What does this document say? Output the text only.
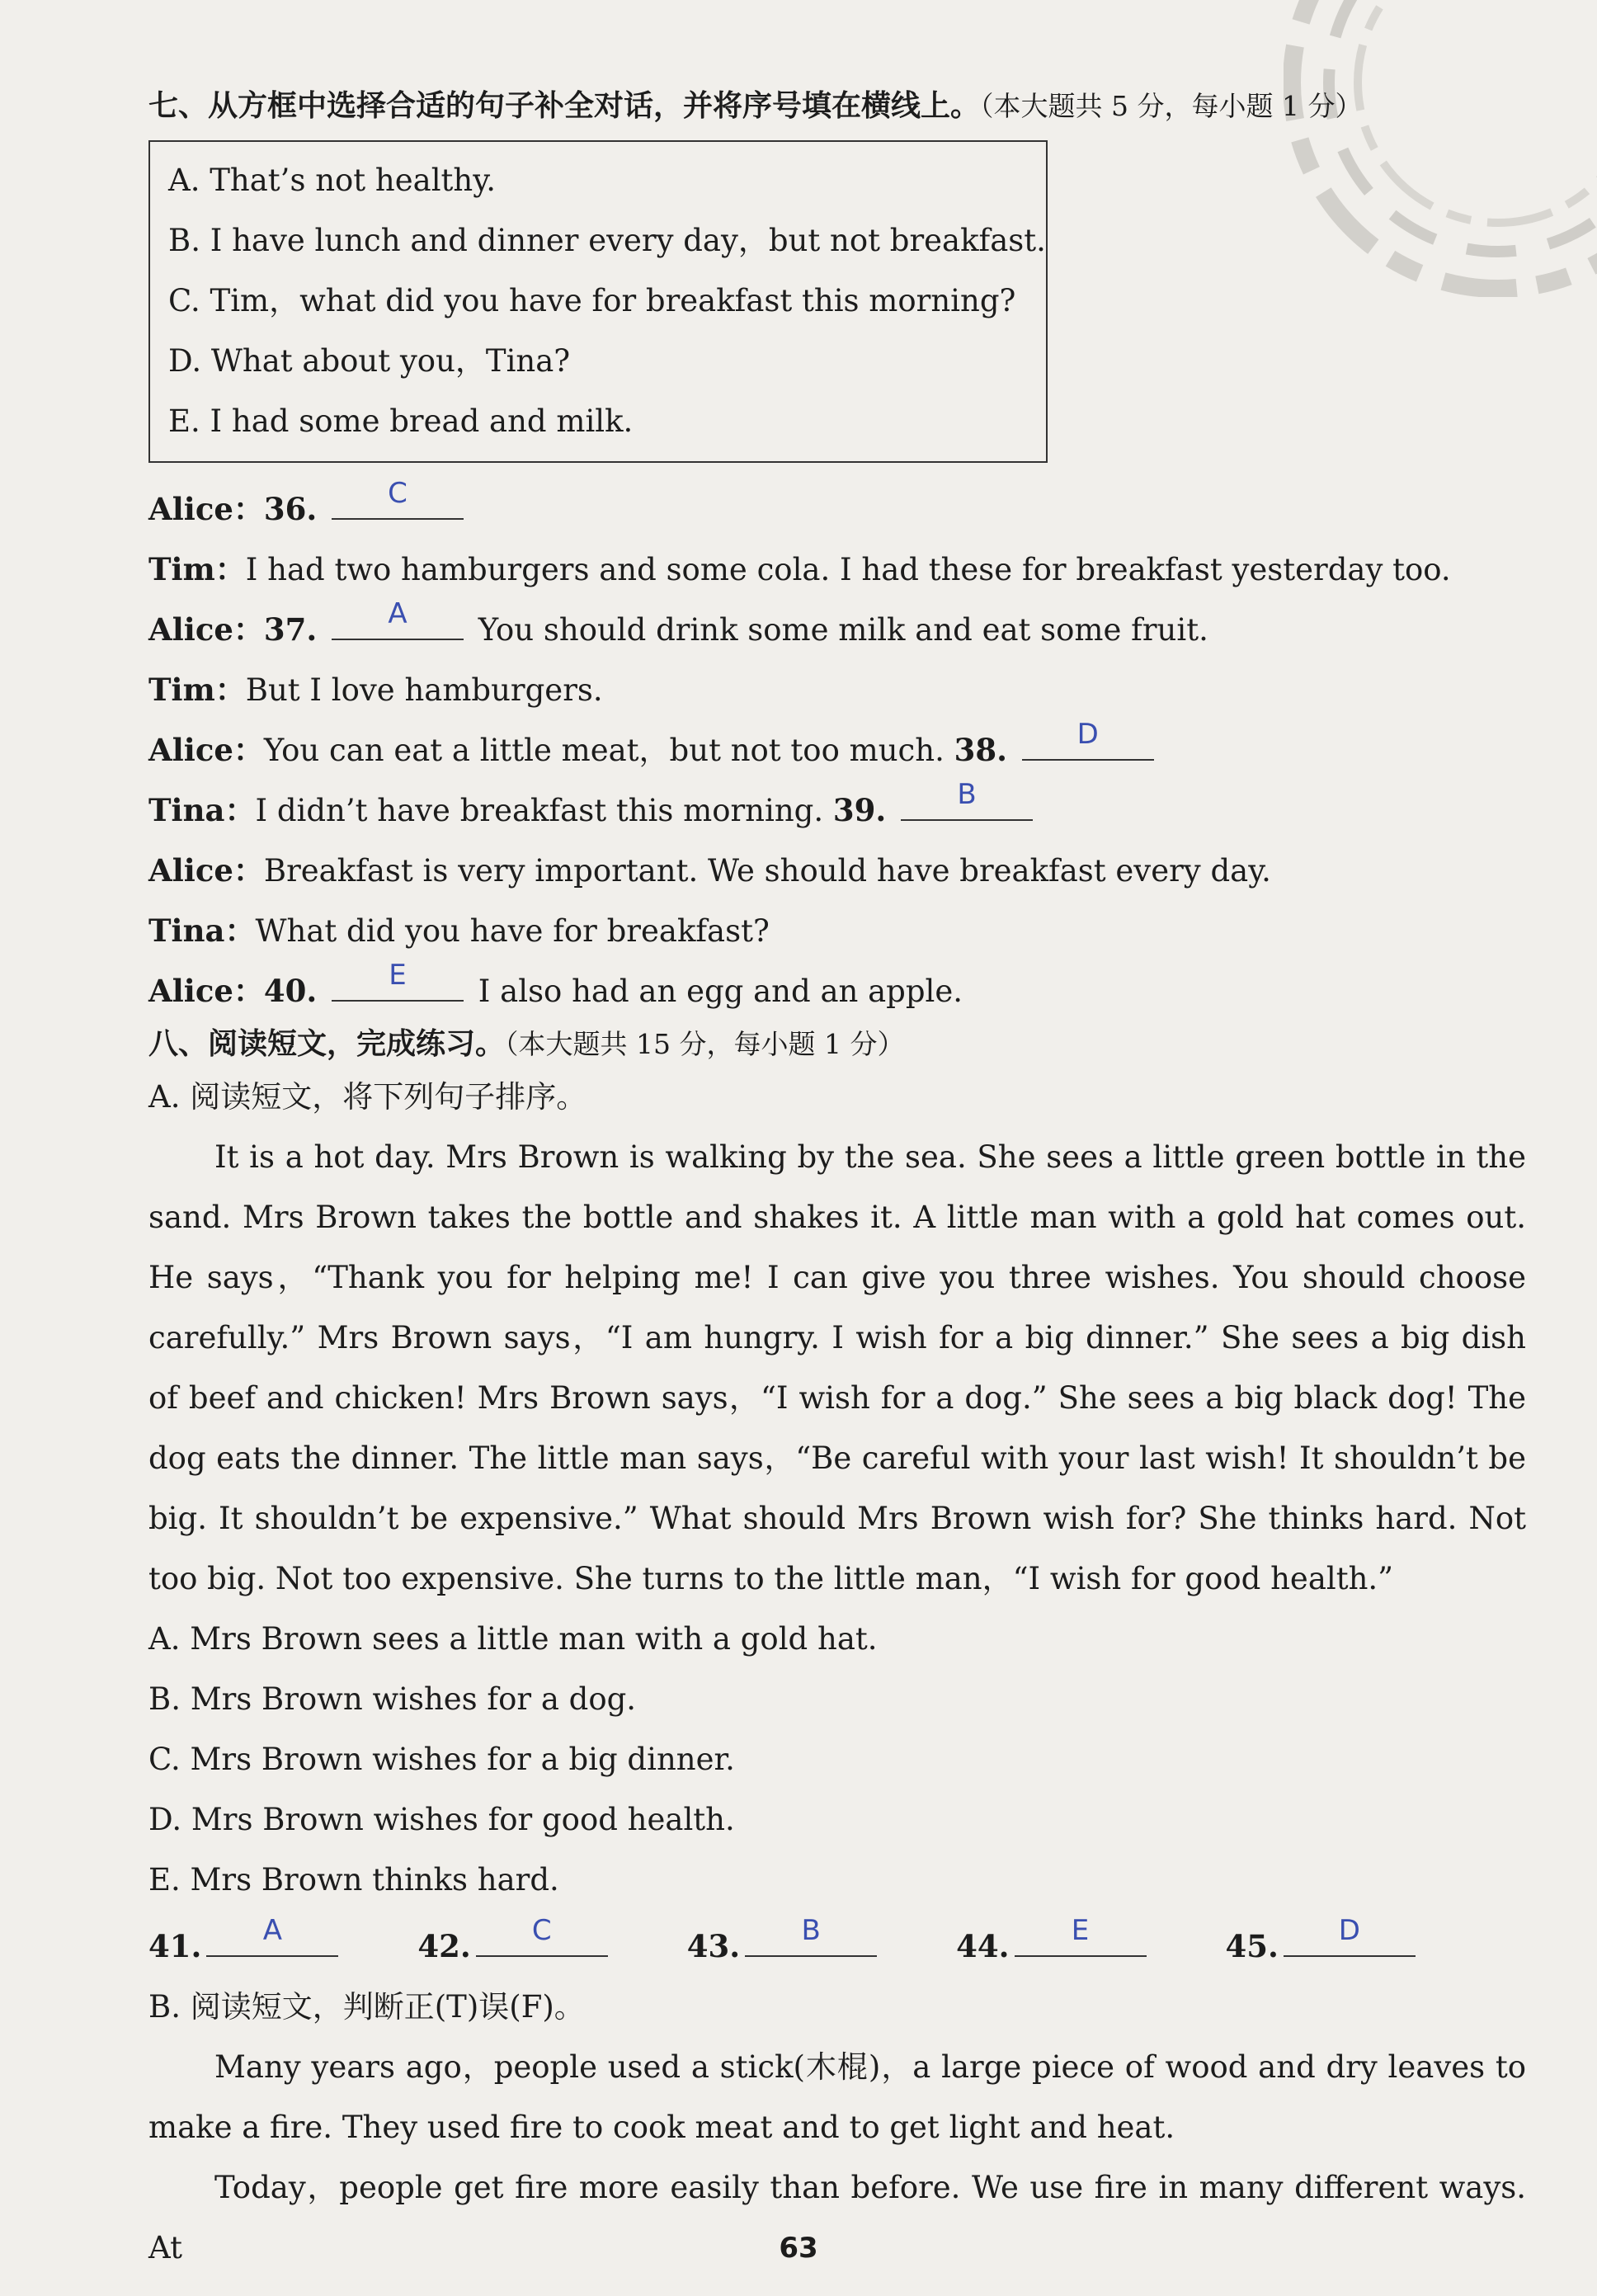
七、从方框中选择合适的句子补全对话，并将序号填在横线上。（本大题共 5 分，每小题 1 分）
A. That’s not healthy.
B. I have lunch and dinner every day，but not breakfast.
C. Tim，what did you have for breakfast this morning?
D. What about you，Tina?
E. I had some bread and milk.
Alice：36.	C
Tim：I had two hamburgers and some cola. I had these for breakfast yesterday too.
Alice：37.	A	You should drink some milk and eat some fruit.
Tim：But I love hamburgers.
Alice：You can eat a little meat，but not too much. 38.	D
Tina：I didn’t have breakfast this morning. 39.	B
Alice：Breakfast is very important. We should have breakfast every day.
Tina：What did you have for breakfast?
Alice：40.	E	I also had an egg and an apple.
八、阅读短文，完成练习。（本大题共 15 分，每小题 1 分）
A. 阅读短文，将下列句子排序。

It is a hot day. Mrs Brown is walking by the sea. She sees a little green bottle in the sand. Mrs Brown takes the bottle and shakes it. A little man with a gold hat comes out. He says，“Thank you for helping me! I can give you three wishes. You should choose carefully.” Mrs Brown says，“I am hungry. I wish for a big dinner.” She sees a big dish of beef and chicken! Mrs Brown says，“I wish for a dog.” She sees a big black dog! The dog eats the dinner. The little man says，“Be careful with your last wish! It shouldn’t be big. It shouldn’t be expensive.” What should Mrs Brown wish for? She thinks hard. Not too big. Not too expensive. She turns to the little man，“I wish for good health.”

A. Mrs Brown sees a little man with a gold hat.
B. Mrs Brown wishes for a dog.
C. Mrs Brown wishes for a big dinner.
D. Mrs Brown wishes for good health.
E. Mrs Brown thinks hard.
41.	A	42.	C	43.	B	44.	E	45.	D
B. 阅读短文，判断正(T)误(F)。

Many years ago，people used a stick(木棍)，a large piece of wood and dry leaves to make a fire. They used fire to cook meat and to get light and heat.

Today，people get fire more easily than before. We use fire in many different ways. At	63
